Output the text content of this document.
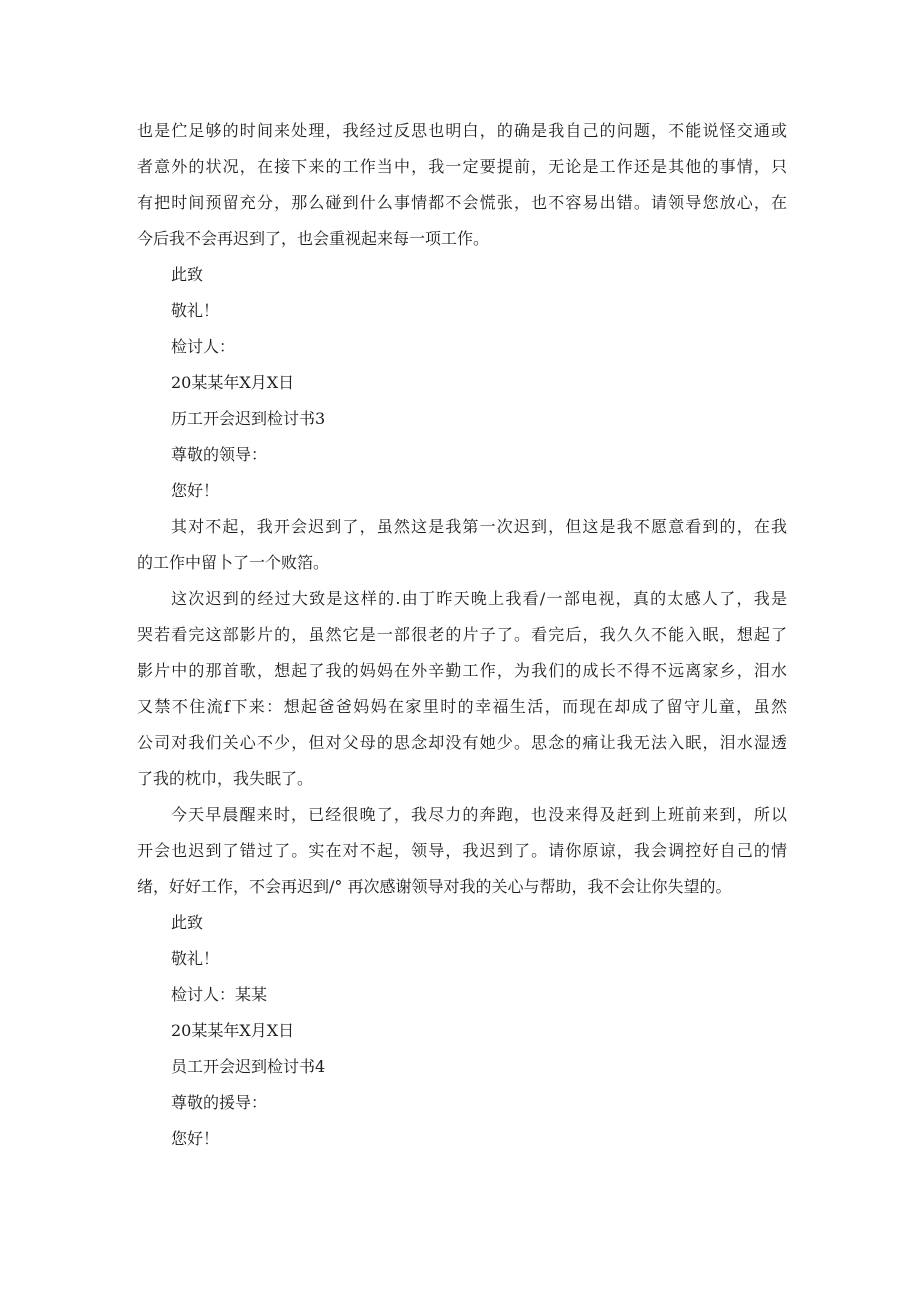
也是伫足够的时间来处理，我经过反思也明白，的确是我自己的问题，不能说怪交通或
者意外的状况，在接下来的工作当中，我一定要提前，无论是工作还是其他的事情，只
有把时间预留充分，那么碰到什么事情都不会慌张，也不容易出错。请领导您放心，在
今后我不会再迟到了，也会重视起来每一项工作。
此致
敬礼！
检讨人：
20某某年X月X日
历工开会迟到检讨书3
尊敬的领导：
您好！
其对不起，我开会迟到了，虽然这是我第一次迟到，但这是我不愿意看到的，在我
的工作中留卜了一个败箔。
这次迟到的经过大致是这样的.由丁昨天晚上我看/一部电视，真的太感人了，我是
哭若看完这部影片的，虽然它是一部很老的片子了。看完后，我久久不能入眠，想起了
影片中的那首歌，想起了我的妈妈在外辛勤工作，为我们的成长不得不远离家乡，泪水
又禁不住流f下来：想起爸爸妈妈在家里时的幸福生活，而现在却成了留守儿童，虽然
公司对我们关心不少，但对父母的思念却没有她少。思念的痛让我无法入眠，泪水湿透
了我的枕巾，我失眠了。
今天早晨醒来时，已经很晚了，我尽力的奔跑，也没来得及赶到上班前来到，所以
开会也迟到了错过了。实在对不起，领导，我迟到了。请你原谅，我会调控好自己的情
绪，好好工作，不会再迟到/° 再次感谢领导对我的关心与帮助，我不会让你失望的。
此致
敬礼！
检讨人：某某
20某某年X月X日
员工开会迟到检讨书4
尊敬的援导：
您好！
